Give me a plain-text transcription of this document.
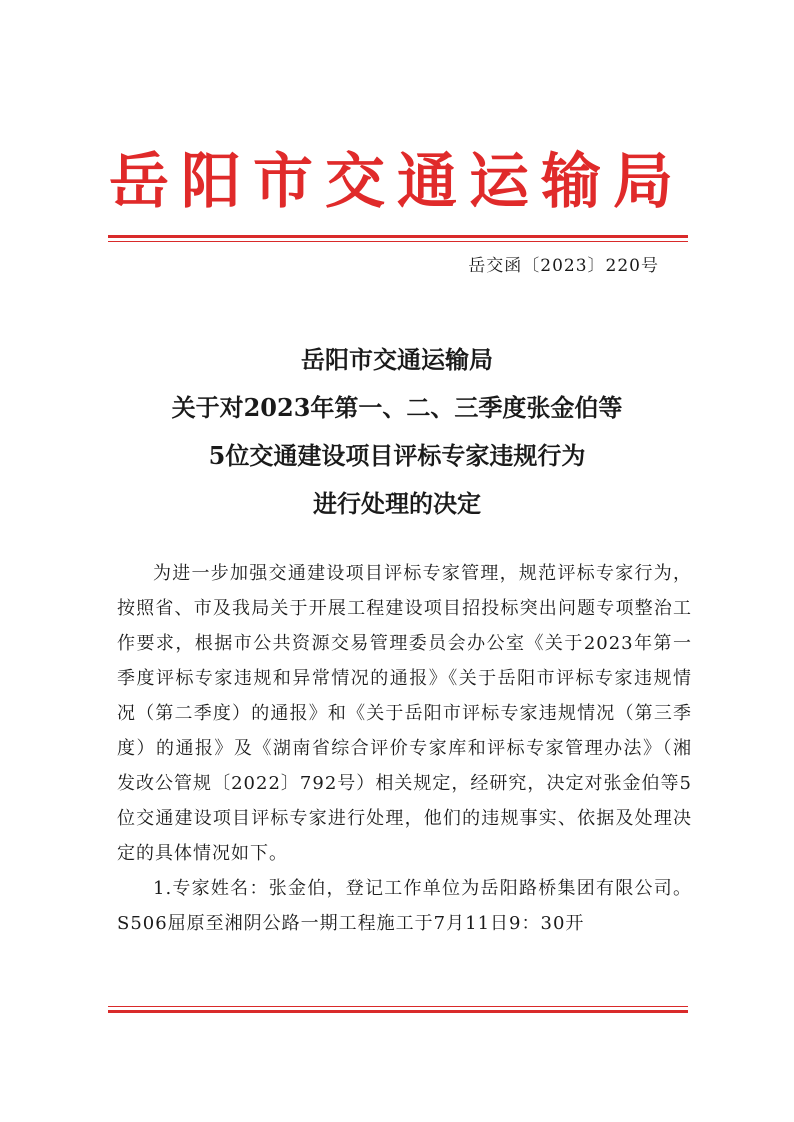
岳阳市交通运输局
岳交函〔2023〕220号
岳阳市交通运输局
关于对2023年第一、二、三季度张金伯等
5位交通建设项目评标专家违规行为
进行处理的决定

为进一步加强交通建设项目评标专家管理，规范评标专家行为，按照省、市及我局关于开展工程建设项目招投标突出问题专项整治工作要求，根据市公共资源交易管理委员会办公室《关于2023年第一季度评标专家违规和异常情况的通报》《关于岳阳市评标专家违规情况（第二季度）的通报》和《关于岳阳市评标专家违规情况（第三季度）的通报》及《湖南省综合评价专家库和评标专家管理办法》（湘发改公管规〔2022〕792号）相关规定，经研究，决定对张金伯等5位交通建设项目评标专家进行处理，他们的违规事实、依据及处理决定的具体情况如下。

1.专家姓名：张金伯，登记工作单位为岳阳路桥集团有限公司。S506屈原至湘阴公路一期工程施工于7月11日9：30开
